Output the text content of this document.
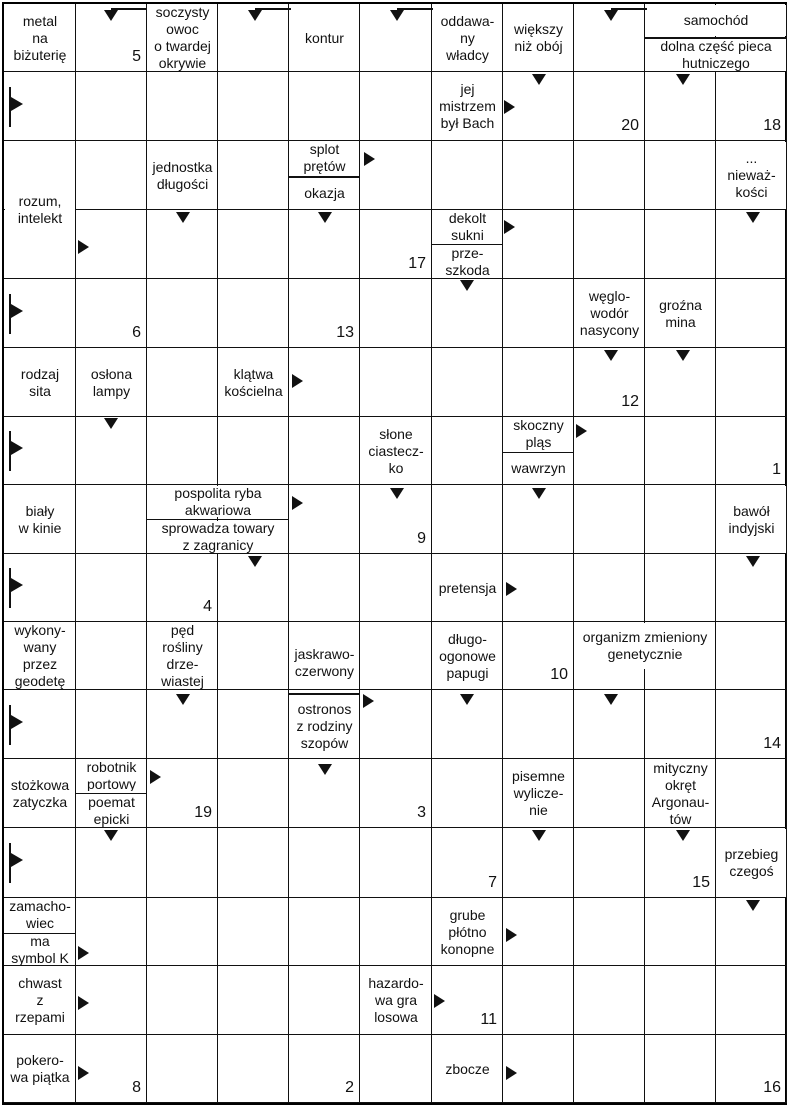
metal
na
biżuterię
soczysty
owoc
o twardej
okrywie
kontur
oddawa-
ny
władcy
większy
niż obój
samochód
dolna część pieca
hutniczego
jej
mistrzem
był Bach
jednostka
długości
splot
prętów
okazja
...
nieważ-
kości
rozum,
intelekt	dekolt
sukni
prze-
szkoda
węglo-
wodór
nasycony
groźna
mina
rodzaj
sita
osłona
lampy
klątwa
kościelna
słone
ciastecz-
ko
skoczny
pląs
wawrzyn
biały
w kinie
pospolita ryba
akwariowa
sprowadza towary
z zagranicy
bawół
indyjski
pretensja
wykony-
wany
przez
geodetę
pęd
rośliny
drze-
wiastej
jaskrawo-
czerwony
długo-
ogonowe
papugi
organizm zmieniony
genetycznie
ostronos
z rodziny
szopów
stożkowa
zatyczka
robotnik
portowy
poemat
epicki
pisemne
wylicze-
nie
mityczny
okręt
Argonau-
tów
przebieg
czegoś
zamacho-
wiec
ma
symbol K
grube
płótno
konopne
chwast
z
rzepami
hazardo-
wa gra
losowa
pokero-
wa piątka
zbocze
5
20	18
17
6	13
12
1
9
4
10
14
19	3
7	15
11
8	2	16
